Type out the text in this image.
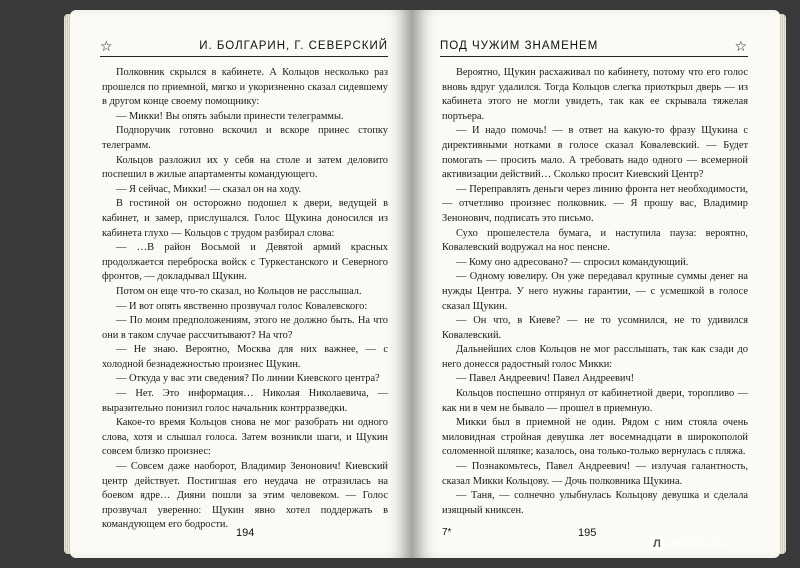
☆	И. БОЛГАРИН, Г. СЕВЕРСКИЙ

Полковник скрылся в кабинете. А Кольцов несколько раз прошелся по приемной, мягко и укоризненно сказал сидевшему в другом конце своему помощнику:

— Микки! Вы опять забыли принести телеграммы.

Подпоручик готовно вскочил и вскоре принес стопку телеграмм.

Кольцов разложил их у себя на столе и затем деловито поспешил в жилые апартаменты командующего.

— Я сейчас, Микки! — сказал он на ходу.

В гостиной он осторожно подошел к двери, ведущей в кабинет, и замер, прислушался. Голос Щукина доносился из кабинета глухо — Кольцов с трудом разбирал слова:

— …В район Восьмой и Девятой армий красных продолжается переброска войск с Туркестанского и Северного фронтов, — докладывал Щукин.

Потом он еще что-то сказал, но Кольцов не расслышал.

— И вот опять явственно прозвучал голос Ковалевского:

— По моим предположениям, этого не должно быть. На что они в таком случае рассчитывают? На что?

— Не знаю. Вероятно, Москва для них важнее, — с холодной безнадежностью произнес Щукин.

— Откуда у вас эти сведения? По линии Киевского центра?

— Нет. Это информация… Николая Николаевича, — выразительно понизил голос начальник контрразведки.

Какое-то время Кольцов снова не мог разобрать ни одного слова, хотя и слышал голоса. Затем возникли шаги, и Щукин совсем близко произнес:

— Совсем даже наоборот, Владимир Зенонович! Киевский центр действует. Постигшая его неудача не отразилась на боевом ядре… Дияни пошли за этим человеком. — Голос прозвучал уверенно: Щукин явно хотел поддержать в командующем его бодрости.

194
ПОД ЧУЖИМ ЗНАМЕНЕМ	☆

Вероятно, Щукин расхаживал по кабинету, потому что его голос вновь вдруг удалился. Тогда Кольцов слегка приоткрыл дверь — из кабинета этого не могли увидеть, так как ее скрывала тяжелая портьера.

— И надо помочь! — в ответ на какую-то фразу Щукина с директивными нотками в голосе сказал Ковалевский. — Будет помогать — просить мало. А требовать надо одного — всемерной активизации действий… Сколько просит Киевский Центр?

— Переправлять деньги через линию фронта нет необходимости, — отчетливо произнес полковник. — Я прошу вас, Владимир Зенонович, подписать это письмо.

Сухо прошелестела бумага, и наступила пауза: вероятно, Ковалевский водружал на нос пенсне.

— Кому оно адресовано? — спросил командующий.

— Одному ювелиру. Он уже передавал крупные суммы денег на нужды Центра. У него нужны гарантии, — с усмешкой в голосе сказал Щукин.

— Он что, в Киеве? — не то усомнился, не то удивился Ковалевский.

Дальнейших слов Кольцов не мог расслышать, так как сзади до него донесся радостный голос Микки:

— Павел Андреевич! Павел Андреевич!

Кольцов поспешно отпрянул от кабинетной двери, торопливо — как ни в чем не бывало — прошел в приемную.

Микки был в приемной не один. Рядом с ним стояла очень миловидная стройная девушка лет восемнадцати в широкополой соломенной шляпке; казалось, она только-только вернулась с пляжа.

— Познакомьтесь, Павел Андреевич! — излучая галантность, сказал Микки Кольцову. — Дочь полковника Щукина.

— Таня, — солнечно улыбнулась Кольцову девушка и сделала изящный книксен.

7*	195
Л labirint.ru
